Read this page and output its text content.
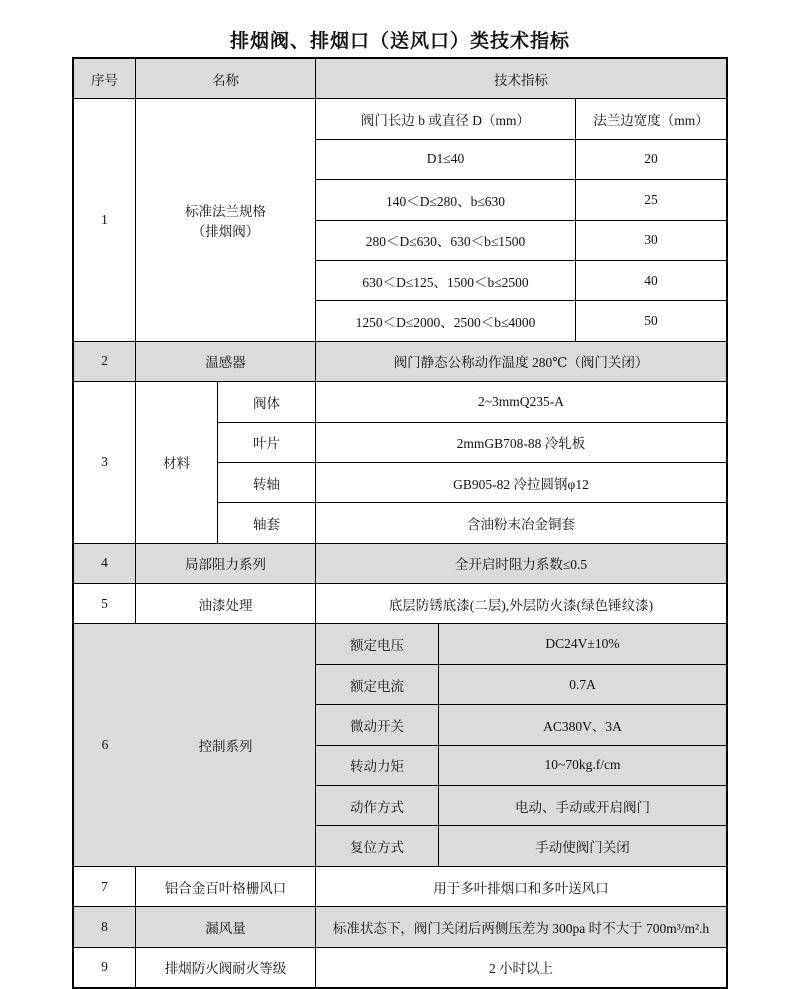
排烟阀、排烟口（送风口）类技术指标
序号	名称	技术指标
1
标准法兰规格
（排烟阀）
阀门长边 b 或直径 D（mm）	法兰边宽度（mm）
D1≤40	20
140＜D≤280、b≤630	25
280＜D≤630、630＜b≤1500	30
630＜D≤125、1500＜b≤2500	40
1250＜D≤2000、2500＜b≤4000	50
2	温感器	阀门静态公称动作温度 280℃（阀门关闭）
3	材料
阀体	2~3mmQ235-A
叶片	2mmGB708-88 冷轧板
转轴	GB905-82 冷拉圆钢φ12
轴套	含油粉末冶金铜套
4	局部阻力系列	全开启时阻力系数≤0.5
5	油漆处理	底层防锈底漆(二层),外层防火漆(绿色锤纹漆)
6	控制系列
额定电压	DC24V±10%
额定电流	0.7A
微动开关	AC380V、3A
转动力矩	10~70kg.f/cm
动作方式	电动、手动或开启阀门
复位方式	手动使阀门关闭
7	铝合金百叶格栅风口	用于多叶排烟口和多叶送风口
8	漏风量	标准状态下，阀门关闭后两侧压差为 300pa 时不大于 700m³/m².h
9	排烟防火阀耐火等级	2 小时以上
